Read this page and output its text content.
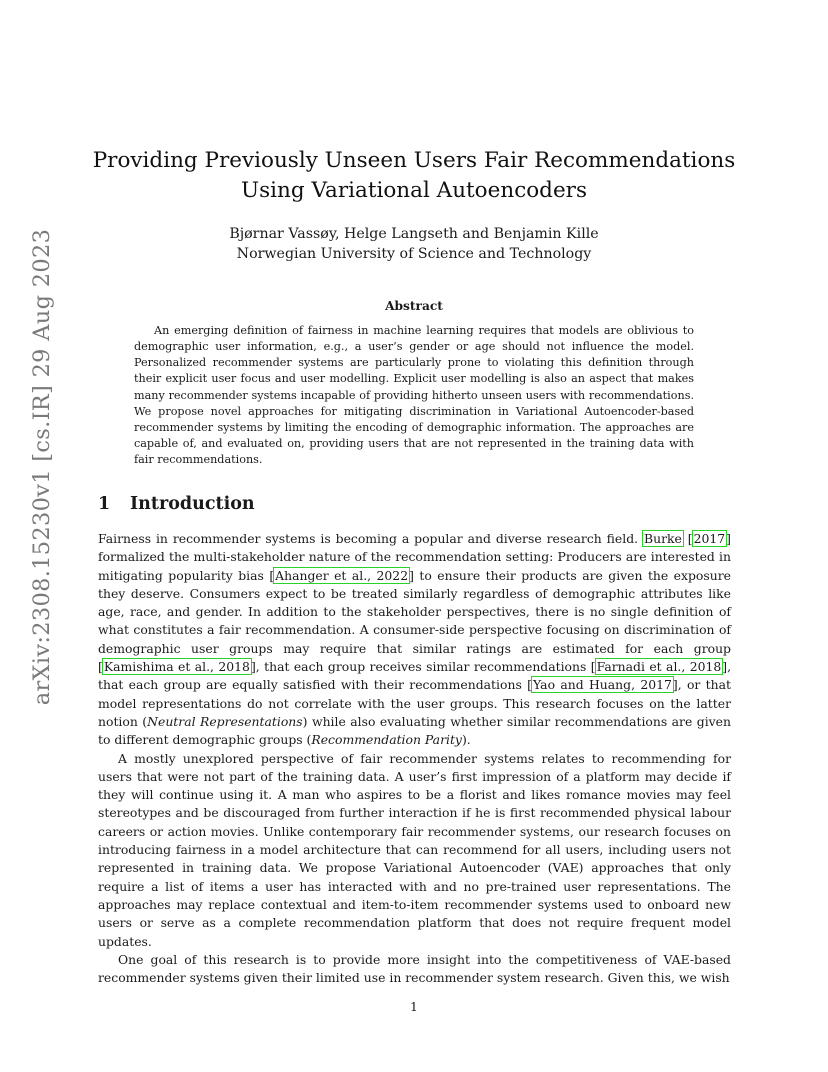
arXiv:2308.15230v1 [cs.IR] 29 Aug 2023
Providing Previously Unseen Users Fair Recommendations Using Variational Autoencoders
Bjørnar Vassøy, Helge Langseth and Benjamin Kille
Norwegian University of Science and Technology
Abstract
An emerging definition of fairness in machine learning requires that models are oblivious to demographic user information, e.g., a user’s gender or age should not influence the model. Personalized recommender systems are particularly prone to violating this definition through their explicit user focus and user modelling. Explicit user modelling is also an aspect that makes many recommender systems incapable of providing hitherto unseen users with recommendations. We propose novel approaches for mitigating discrimination in Variational Autoencoder-based recommender systems by limiting the encoding of demographic information. The approaches are capable of, and evaluated on, providing users that are not represented in the training data with fair recommendations.
1 Introduction

Fairness in recommender systems is becoming a popular and diverse research field. Burke [2017] formalized the multi-stakeholder nature of the recommendation setting: Producers are interested in mitigating popularity bias [Ahanger et al., 2022] to ensure their products are given the exposure they deserve. Consumers expect to be treated similarly regardless of demographic attributes like age, race, and gender. In addition to the stakeholder perspectives, there is no single definition of what constitutes a fair recommendation. A consumer-side perspective focusing on discrimination of demographic user groups may require that similar ratings are estimated for each group [Kamishima et al., 2018], that each group receives similar recommendations [Farnadi et al., 2018], that each group are equally satisfied with their recommendations [Yao and Huang, 2017], or that model representations do not correlate with the user groups. This research focuses on the latter notion (Neutral Representations) while also evaluating whether similar recommendations are given to different demographic groups (Recommendation Parity).

A mostly unexplored perspective of fair recommender systems relates to recommending for users that were not part of the training data. A user’s first impression of a platform may decide if they will continue using it. A man who aspires to be a florist and likes romance movies may feel stereotypes and be discouraged from further interaction if he is first recommended physical labour careers or action movies. Unlike contemporary fair recommender systems, our research focuses on introducing fairness in a model architecture that can recommend for all users, including users not represented in training data. We propose Variational Autoencoder (VAE) approaches that only require a list of items a user has interacted with and no pre-trained user representations. The approaches may replace contextual and item-to-item recommender systems used to onboard new users or serve as a complete recommendation platform that does not require frequent model updates.

One goal of this research is to provide more insight into the competitiveness of VAE-based recommender systems given their limited use in recommender system research. Given this, we wish

1
